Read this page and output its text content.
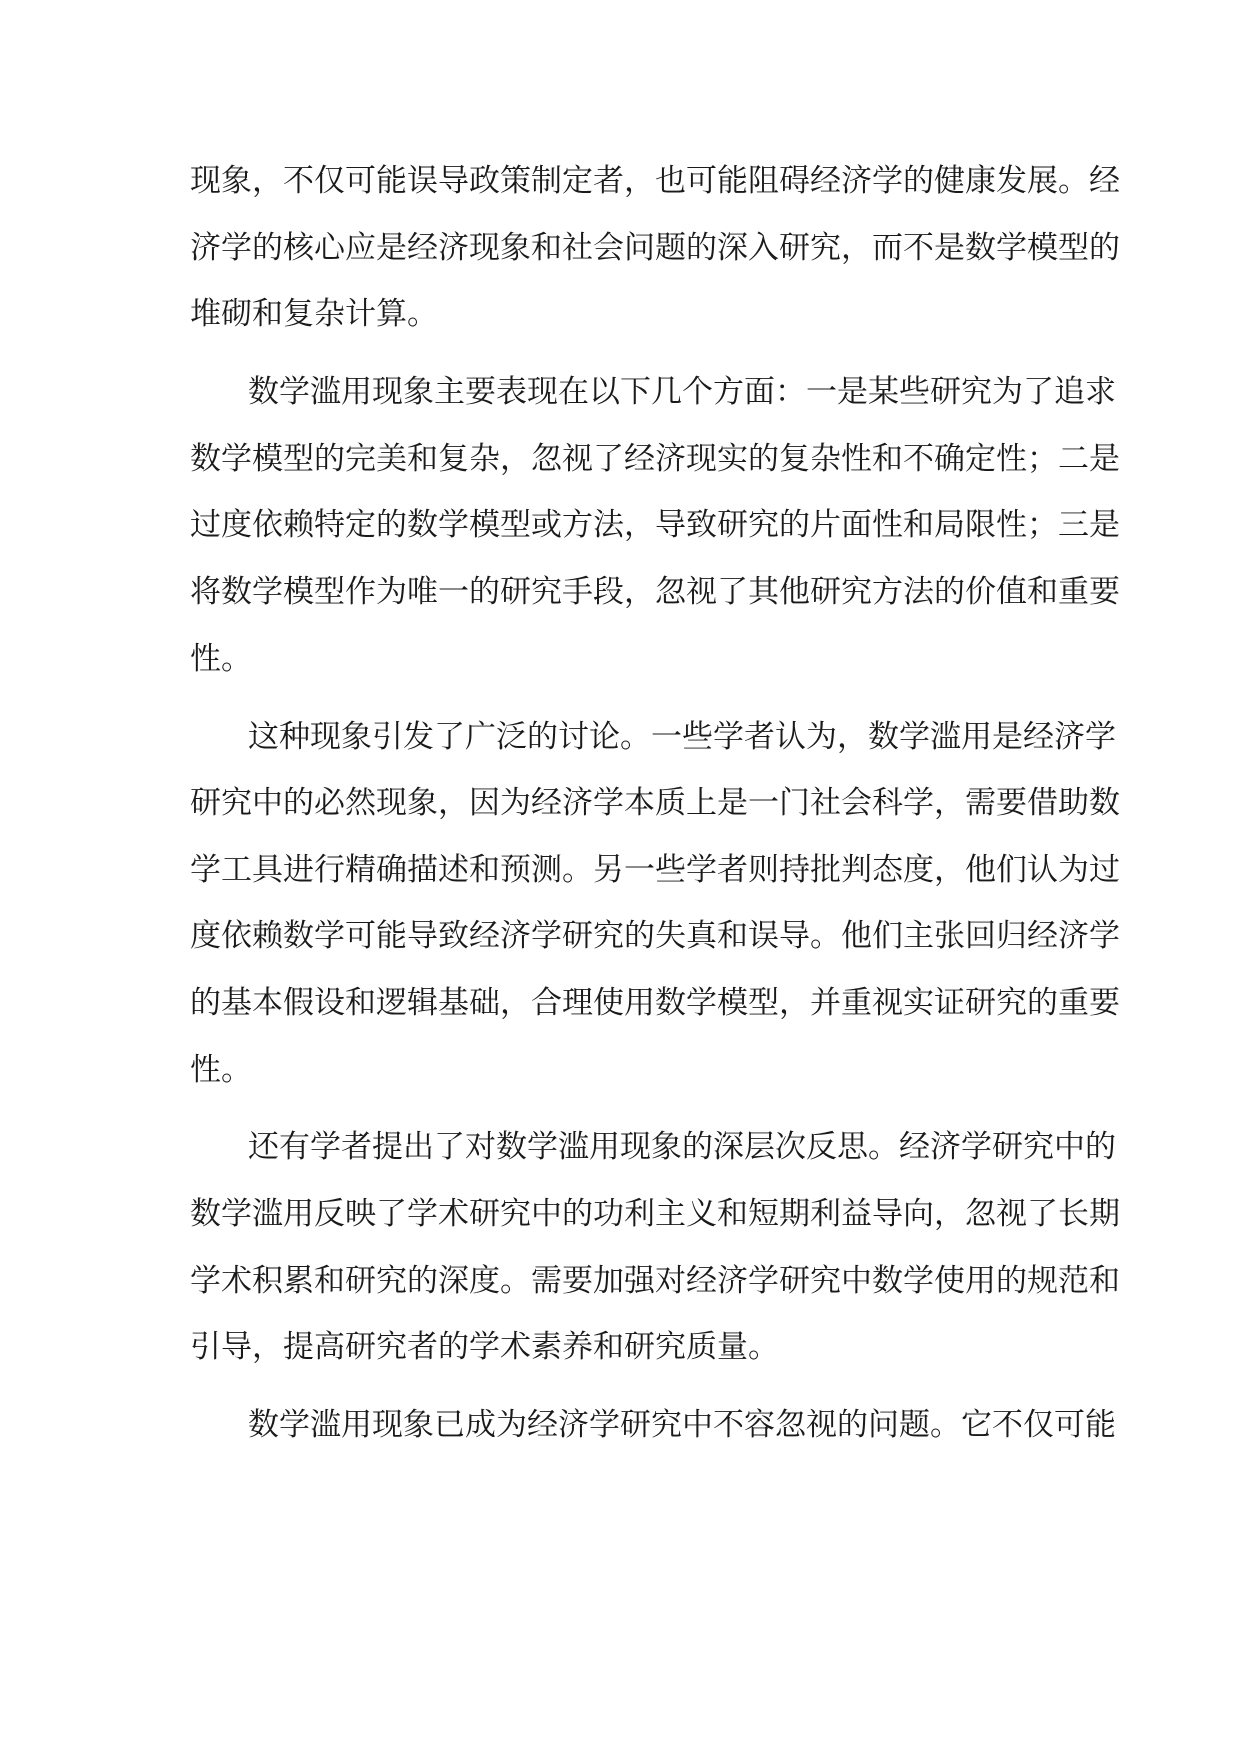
现象，不仅可能误导政策制定者，也可能阻碍经济学的健康发展。经
济学的核心应是经济现象和社会问题的深入研究，而不是数学模型的
堆砌和复杂计算。
数学滥用现象主要表现在以下几个方面：一是某些研究为了追求
数学模型的完美和复杂，忽视了经济现实的复杂性和不确定性；二是
过度依赖特定的数学模型或方法，导致研究的片面性和局限性；三是
将数学模型作为唯一的研究手段，忽视了其他研究方法的价值和重要
性。
这种现象引发了广泛的讨论。一些学者认为，数学滥用是经济学
研究中的必然现象，因为经济学本质上是一门社会科学，需要借助数
学工具进行精确描述和预测。另一些学者则持批判态度，他们认为过
度依赖数学可能导致经济学研究的失真和误导。他们主张回归经济学
的基本假设和逻辑基础，合理使用数学模型，并重视实证研究的重要
性。
还有学者提出了对数学滥用现象的深层次反思。经济学研究中的
数学滥用反映了学术研究中的功利主义和短期利益导向，忽视了长期
学术积累和研究的深度。需要加强对经济学研究中数学使用的规范和
引导，提高研究者的学术素养和研究质量。
数学滥用现象已成为经济学研究中不容忽视的问题。它不仅可能
